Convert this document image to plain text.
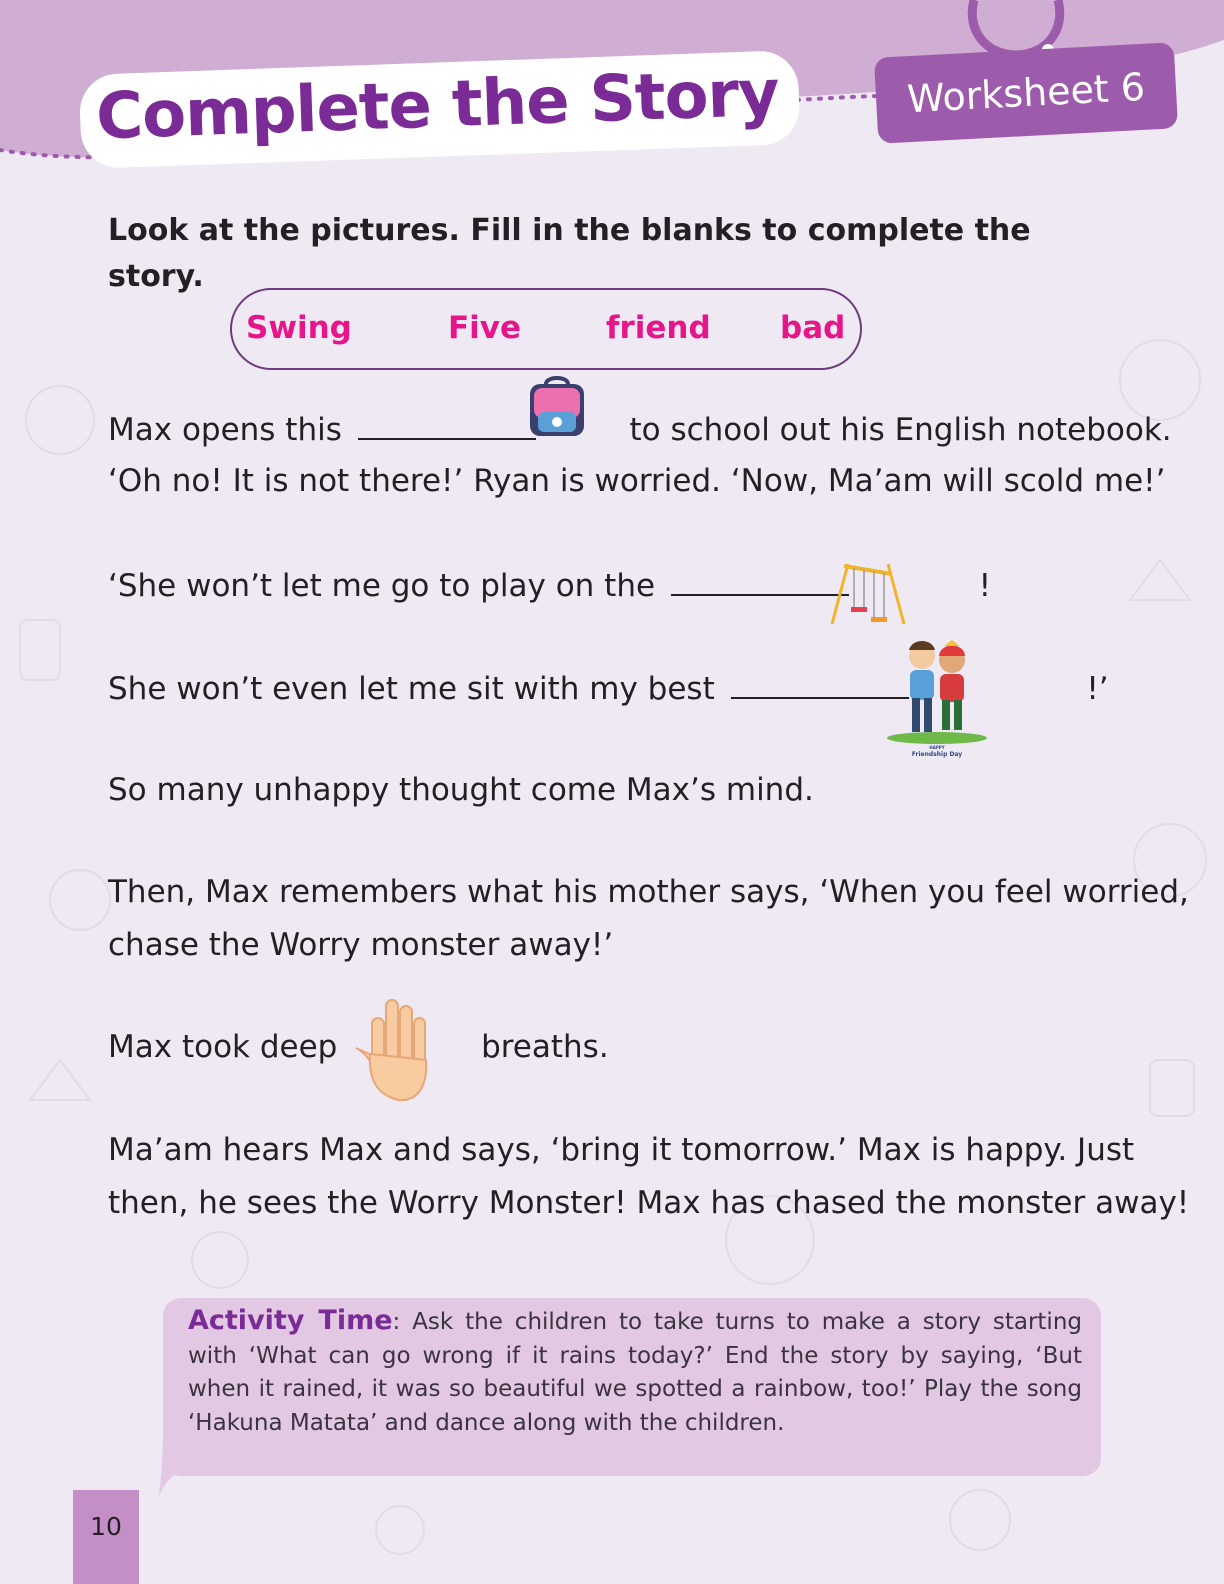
Worksheet 6
Complete the Story
Look at the pictures. Fill in the blanks to complete the story.
Swing	Five	friend bad
Max opens this	to school out his English notebook.
‘Oh no! It is not there!’ Ryan is worried. ‘Now, Ma’am will scold me!’
‘She won’t let me go to play on the	!
She won’t even let me sit with my best	!’
HAPPY
Friendship Day
So many unhappy thought come Max’s mind.
Then, Max remembers what his mother says, ‘When you feel worried,
chase the Worry monster away!’
Max took deep	breaths.
Ma’am hears Max and says, ‘bring it tomorrow.’ Max is happy. Just
then, he sees the Worry Monster! Max has chased the monster away!
Activity Time: Ask the children to take turns to make a story starting with ‘What can go wrong if it rains today?’ End the story by saying, ‘But when it rained, it was so beautiful we spotted a rainbow, too!’ Play the song ‘Hakuna Matata’ and dance along with the children.
10
